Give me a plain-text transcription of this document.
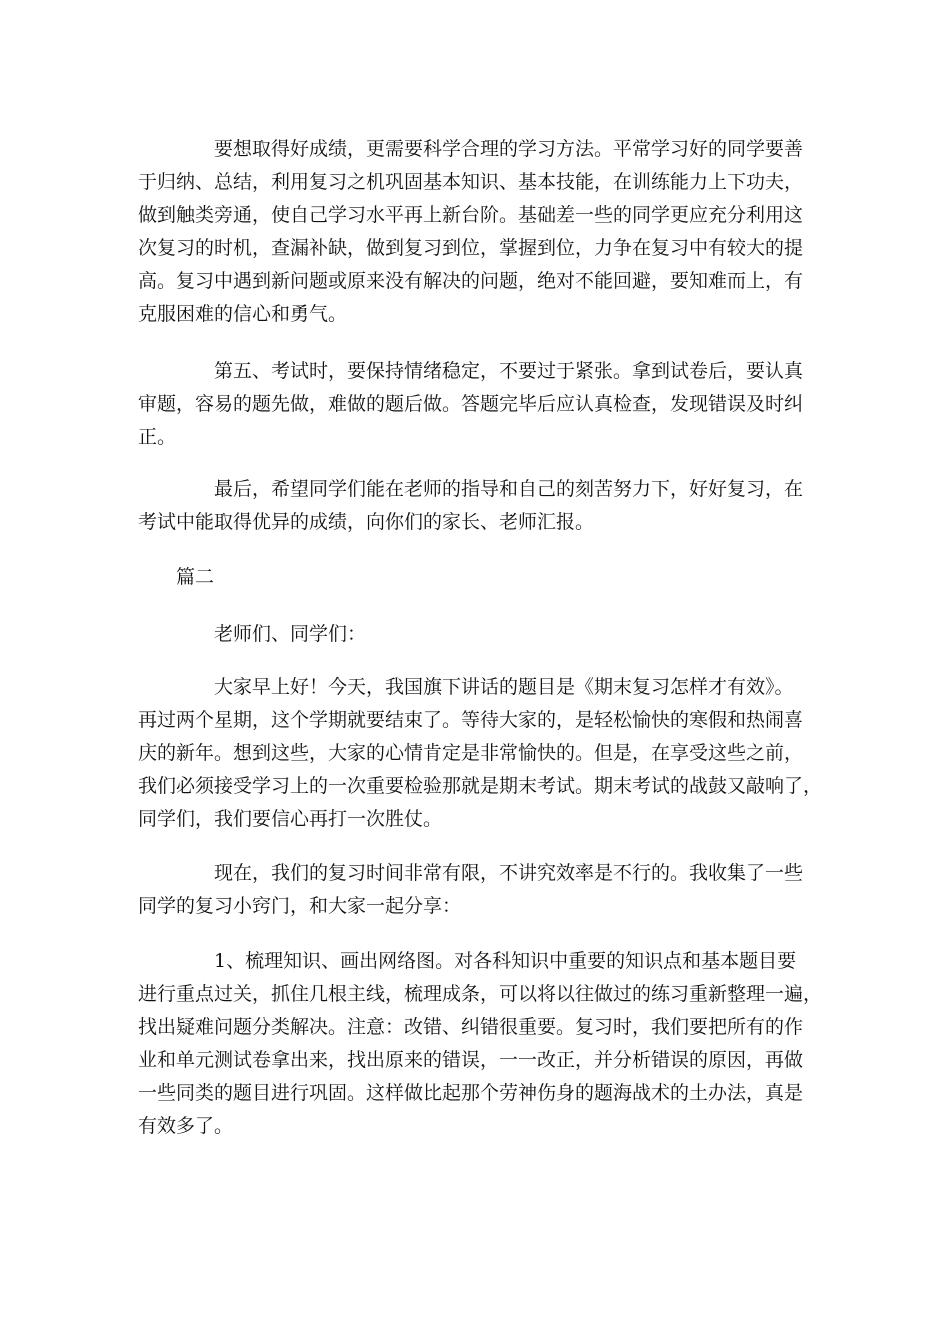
要想取得好成绩，更需要科学合理的学习方法。平常学习好的同学要善
于归纳、总结，利用复习之机巩固基本知识、基本技能，在训练能力上下功夫，
做到触类旁通，使自己学习水平再上新台阶。基础差一些的同学更应充分利用这
次复习的时机，查漏补缺，做到复习到位，掌握到位，力争在复习中有较大的提
高。复习中遇到新问题或原来没有解决的问题，绝对不能回避，要知难而上，有
克服困难的信心和勇气。
第五、考试时，要保持情绪稳定，不要过于紧张。拿到试卷后，要认真
审题，容易的题先做，难做的题后做。答题完毕后应认真检查，发现错误及时纠
正。
最后，希望同学们能在老师的指导和自己的刻苦努力下，好好复习，在
考试中能取得优异的成绩，向你们的家长、老师汇报。
篇二
老师们、同学们：
大家早上好！今天，我国旗下讲话的题目是《期末复习怎样才有效》。
再过两个星期，这个学期就要结束了。等待大家的，是轻松愉快的寒假和热闹喜
庆的新年。想到这些，大家的心情肯定是非常愉快的。但是，在享受这些之前，
我们必须接受学习上的一次重要检验那就是期末考试。期末考试的战鼓又敲响了，
同学们，我们要信心再打一次胜仗。
现在，我们的复习时间非常有限，不讲究效率是不行的。我收集了一些
同学的复习小窍门，和大家一起分享：
1、梳理知识、画出网络图。对各科知识中重要的知识点和基本题目要
进行重点过关，抓住几根主线，梳理成条，可以将以往做过的练习重新整理一遍，
找出疑难问题分类解决。注意：改错、纠错很重要。复习时，我们要把所有的作
业和单元测试卷拿出来，找出原来的错误，一一改正，并分析错误的原因，再做
一些同类的题目进行巩固。这样做比起那个劳神伤身的题海战术的土办法，真是
有效多了。
